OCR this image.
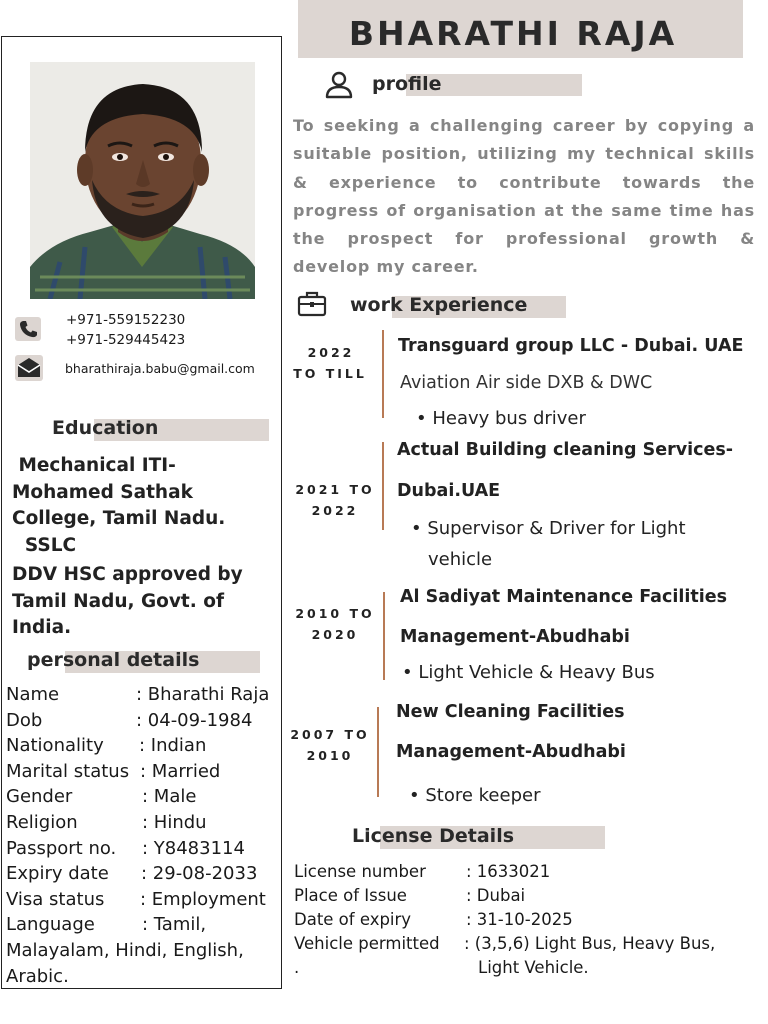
BHARATHI RAJA
+971-559152230
+971-529445423
bharathiraja.babu@gmail.com
Education
Mechanical ITI-
Mohamed Sathak
College, Tamil Nadu.
SSLC
DDV HSC approved by
Tamil Nadu, Govt. of
India.
personal details
Name	: Bharathi Raja
Dob	: 04-09-1984
Nationality : Indian
Marital status : Married
Gender	: Male
Religion	: Hindu
Passport no. : Y8483114
Expiry date : 29-08-2033
Visa status : Employment
Language	: Tamil,
Malayalam, Hindi, English,
Arabic.
profile
To seeking a challenging career by copying a suitable position, utilizing my technical skills & experience to contribute towards the progress of organisation at the same time has the prospect for professional growth & develop my career.
work Experience
2022
TO TILL
Transguard group LLC - Dubai. UAE
Aviation Air side DXB & DWC
• Heavy bus driver
2021 TO
2022
Actual Building cleaning Services-
Dubai.UAE
• Supervisor & Driver for Light
vehicle
2010 TO
2020
Al Sadiyat Maintenance Facilities
Management-Abudhabi
• Light Vehicle & Heavy Bus
2007 TO
2010
New Cleaning Facilities
Management-Abudhabi
• Store keeper
License Details
License number : 1633021
Place of Issue	: Dubai
Date of expiry	: 31-10-2025
Vehicle permitted : (3,5,6) Light Bus, Heavy Bus,
.	Light Vehicle.
